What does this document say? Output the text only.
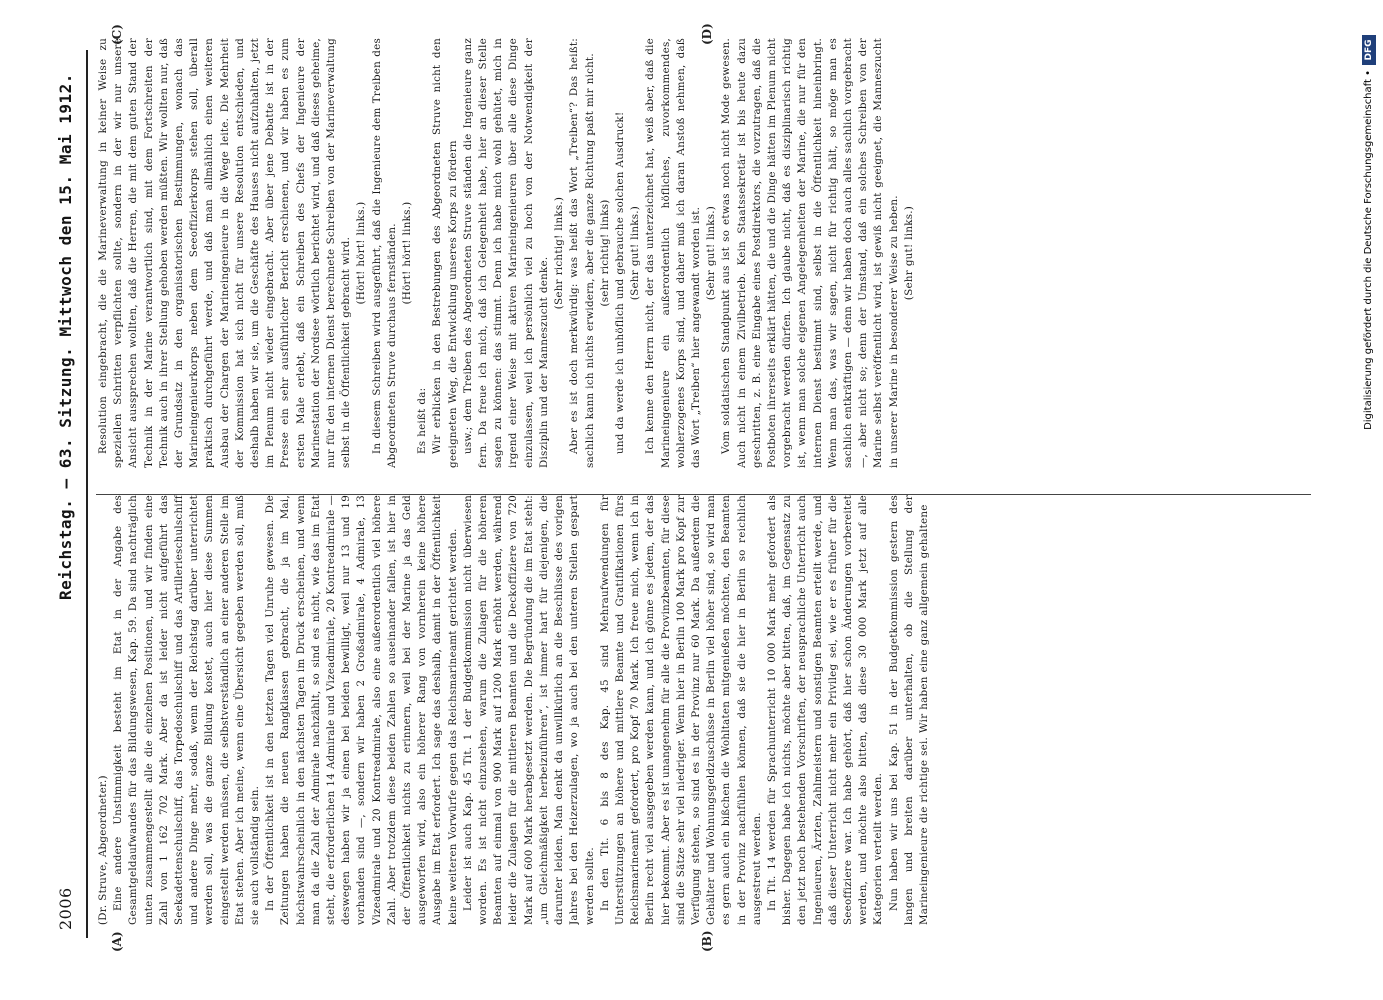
2006
Reichstag. — 63. Sitzung. Mittwoch den 15. Mai 1912.
(A)	(B)
(C)	(D)

(Dr. Struve, Abgeordneter.) Eine andere Unstimmigkeit besteht im Etat in der Angabe des Gesamtgeldaufwandes für das Bildungswesen, Kap. 59. Da sind nachträglich unten zusammengestellt alle die einzelnen Positionen, und wir finden eine Zahl von 1 162 702 Mark. Aber da ist leider nicht aufgeführt das Seekadettenschulschiff, das Torpedoschulschiff und das Artillerieschulschiff und andere Dinge mehr, sodaß, wenn der Reichstag darüber unterrichtet werden soll, was die ganze Bildung kostet, auch hier diese Summen eingestellt werden müssen, die selbstverständlich an einer anderen Stelle im Etat stehen. Aber ich meine, wenn eine Übersicht gegeben werden soll, muß sie auch vollständig sein. In der Öffentlichkeit ist in den letzten Tagen viel Unruhe gewesen. Die Zeitungen haben die neuen Rangklassen gebracht, die ja im Mai, höchstwahrscheinlich in den nächsten Tagen im Druck erscheinen, und wenn man da die Zahl der Admirale nachzählt, so sind es nicht, wie das im Etat steht, die erforderlichen 14 Admirale und Vizeadmirale, 20 Kontreadmirale — deswegen haben wir ja einen bei beiden bewilligt, weil nur 13 und 19 vorhanden sind —, sondern wir haben 2 Großadmirale, 4 Admirale, 13 Vizeadmirale und 20 Kontreadmirale, also eine außerordentlich viel höhere Zahl. Aber trotzdem diese beiden Zahlen so auseinander fallen, ist hier in der Öffentlichkeit nichts zu erinnern, weil bei der Marine ja das Geld ausgeworfen wird, also ein höherer Rang von vornherein keine höhere Ausgabe im Etat erfordert. Ich sage das deshalb, damit in der Öffentlichkeit keine weiteren Vorwürfe gegen das Reichsmarineamt gerichtet werden. Leider ist auch Kap. 45 Tit. 1 der Budgetkommission nicht überwiesen worden. Es ist nicht einzusehen, warum die Zulagen für die höheren Beamten auf einmal von 900 Mark auf 1200 Mark erhöht werden, während leider die Zulagen für die mittleren Beamten und die Deckoffiziere von 720 Mark auf 600 Mark herabgesetzt werden. Die Begründung die im Etat steht: „um Gleichmäßigkeit herbeizuführen“, ist immer hart für diejenigen, die darunter leiden. Man denkt da unwillkürlich an die Beschlüsse des vorigen Jahres bei den Heizerzulagen, wo ja auch bei den unteren Stellen gespart werden sollte. In den Tit. 6 bis 8 des Kap. 45 sind Mehraufwendungen für Unterstützungen an höhere und mittlere Beamte und Gratifikationen fürs Reichsmarineamt gefordert, pro Kopf 70 Mark. Ich freue mich, wenn ich in Berlin recht viel ausgegeben werden kann, und ich gönne es jedem, der das hier bekommt. Aber es ist unangenehm für alle die Provinzbeamten, für diese sind die Sätze sehr viel niedriger. Wenn hier in Berlin 100 Mark pro Kopf zur Verfügung stehen, so sind es in der Provinz nur 60 Mark. Da außerdem die Gehälter und Wohnungsgeldzuschüsse in Berlin viel höher sind, so wird man es gern auch ein bißchen die Wohltaten mitgenießen möchten, den Beamten in der Provinz nachfühlen können, daß sie die hier in Berlin so reichlich ausgestreut werden. In Tit. 14 werden für Sprachunterricht 10 000 Mark mehr gefordert als bisher. Dagegen habe ich nichts, möchte aber bitten, daß, im Gegensatz zu den jetzt noch bestehenden Vorschriften, der neusprachliche Unterricht auch Ingenieuren, Ärzten, Zahlmeistern und sonstigen Beamten erteilt werde, und daß dieser Unterricht nicht mehr ein Privileg sei, wie er es früher für die Seeoffiziere war. Ich habe gehört, daß hier schon Änderungen vorbereitet werden, und möchte also bitten, daß diese 30 000 Mark jetzt auf alle Kategorien verteilt werden. Nun haben wir uns bei Kap. 51 in der Budgetkommission gestern des langen und breiten darüber unterhalten, ob die Stellung der Marineingenieure die richtige sei. Wir haben eine ganz allgemein gehaltene

Resolution eingebracht, die die Marineverwaltung in keiner Weise zu speziellen Schritten verpflichten sollte, sondern in der wir nur unsere Ansicht aussprechen wollten, daß die Herren, die mit dem guten Stand der Technik in der Marine verantwortlich sind, mit dem Fortschreiten der Technik auch in ihrer Stellung gehoben werden müßten. Wir wollten nur, daß der Grundsatz in den organisatorischen Bestimmungen, wonach das Marineingenieurkorps neben dem Seeoffizierkorps stehen soll, überall praktisch durchgeführt werde, und daß man allmählich einen weiteren Ausbau der Chargen der Marineingenieure in die Wege leite. Die Mehrheit der Kommission hat sich nicht für unsere Resolution entschieden, und deshalb haben wir sie, um die Geschäfte des Hauses nicht aufzuhalten, jetzt im Plenum nicht wieder eingebracht. Aber über jene Debatte ist in der Presse ein sehr ausführlicher Bericht erschienen, und wir haben es zum ersten Male erlebt, daß ein Schreiben des Chefs der Ingenieure der Marinestation der Nordsee wörtlich berichtet wird, und daß dieses geheime, nur für den internen Dienst berechnete Schreiben von der Marineverwaltung selbst in die Öffentlichkeit gebracht wird. (Hört! hört! links.) In diesem Schreiben wird ausgeführt, daß die Ingenieure dem Treiben des Abgeordneten Struve durchaus fernständen. (Hört! hört! links.)

Es heißt da: Wir erblicken in den Bestrebungen des Abgeordneten Struve nicht den geeigneten Weg, die Entwicklung unseres Korps zu fördern usw.; dem Treiben des Abgeordneten Struve ständen die Ingenieure ganz fern. Da freue ich mich, daß ich Gelegenheit habe, hier an dieser Stelle sagen zu können: das stimmt. Denn ich habe mich wohl gehütet, mich in irgend einer Weise mit aktiven Marineingenieuren über alle diese Dinge einzulassen, weil ich persönlich viel zu hoch von der Notwendigkeit der Disziplin und der Manneszucht denke.

(Sehr richtig! links.) Aber es ist doch merkwürdig: was heißt das Wort „Treiben“? Das heißt: sachlich kann ich nichts erwidern, aber die ganze Richtung paßt mir nicht. (sehr richtig! links) und da werde ich unhöflich und gebrauche solchen Ausdruck! (Sehr gut! links.) Ich kenne den Herrn nicht, der das unterzeichnet hat, weiß aber, daß die Marineingenieure ein außerordentlich höfliches, zuvorkommendes, wohlerzogenes Korps sind, und daher muß ich daran Anstoß nehmen, daß das Wort „Treiben“ hier angewandt worden ist. (Sehr gut! links.) Vom soldatischen Standpunkt aus ist so etwas noch nicht Mode gewesen. Auch nicht in einem Zivilbetrieb. Kein Staatssekretär ist bis heute dazu geschritten, z. B. eine Eingabe eines Postdirektors, die vorzutragen, daß die Postboten ihrerseits erklärt hätten, die und die Dinge hätten im Plenum nicht vorgebracht werden dürfen. Ich glaube nicht, daß es disziplinarisch richtig ist, wenn man solche eigenen Angelegenheiten der Marine, die nur für den internen Dienst bestimmt sind, selbst in die Öffentlichkeit hineinbringt. Wenn man das, was wir sagen, nicht für richtig hält, so möge man es sachlich entkräftigen — denn wir haben doch auch alles sachlich vorgebracht —, aber nicht so; denn der Umstand, daß ein solches Schreiben von der Marine selbst veröffentlicht wird, ist gewiß nicht geeignet, die Manneszucht in unserer Marine in besonderer Weise zu heben. (Sehr gut! links.)	Digitalisierung gefördert durch die Deutsche Forschungsgemeinschaft •
DFG
